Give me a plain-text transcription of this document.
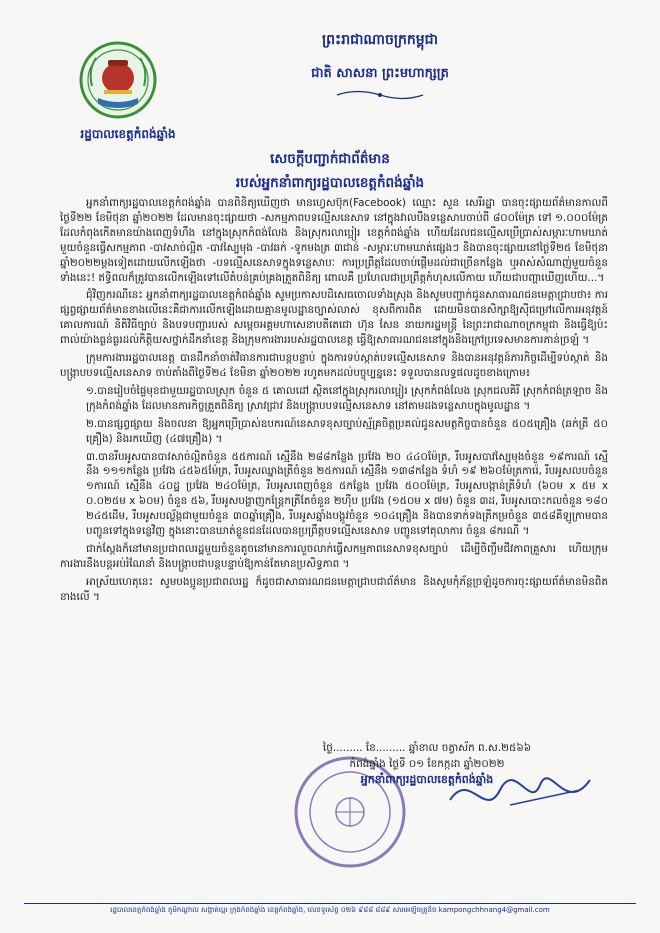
ព្រះរាជាណាចក្រកម្ពុជា
ជាតិ សាសនា ព្រះមហាក្សត្រ
រដ្ឋបាលខេត្តកំពង់ឆ្នាំង
សេចក្តីបញ្ជាក់ជាព័ត៌មាន
របស់អ្នកនាំពាក្យរដ្ឋបាលខេត្តកំពង់ឆ្នាំង

អ្នកនាំពាក្យរដ្ឋបាលខេត្តកំពង់ឆ្នាំង បានពិនិត្យឃើញថា មានហ្វេសប៊ុក(Facebook) ឈ្មោះ សួន សេរីរដ្ឋា បានចុះផ្សាយព័ត៌មានកាលពីថ្ងៃទី២២ ខែមិថុនា ឆ្នាំ២០២២ ដែលមានចុះផ្សាយថា -សកម្មភាពបទល្មើសនេសាទ នៅក្នុងវាលបឹងទន្លេសាបចាប់ពី ៨០០ម៉ែត្រ ទៅ ១.០០០ម៉ែត្រ ដែលកំពុងកើតមានយ៉ាងពេញទំហឹង នៅក្នុងស្រុកកំពង់លែង និងស្រុករលាប្អៀរ ខេត្តកំពង់ឆ្នាំង ហើយដែលជនល្មើសប្រើប្រាស់សម្ភារៈហាមឃាត់មួយចំនួនធ្វើសកម្មភាព -បាវសាច់ល្អិត -បាវស្បៃមុង -បាវឆក់ -ទូកមងត្រ ៣ជាន់ -សម្ភារៈហាមឃាត់ផ្សេងៗ និងបានចុះផ្សាយនៅថ្ងៃទី២៥ ខែមិថុនា ឆ្នាំ២០២២ម្តងទៀតដោយលើកឡើងថា -បទល្មើសនេសាទក្នុងទន្លេសាបៈ ការប្រព្រឹត្តដែលចាប់ផ្តើមដល់ជាច្រើនកន្លែង ឬអាស់សំណាញ់មួយចំនួនទាំងនេះ! ឥទ្ធិពលក៏ត្រូវបានលើកឡើងទៅលើតំបន់គ្រប់គ្រងត្រួតពិនិត្យ ពោលគឺ ប្រហែលជាប្រព្រឹត្តកំហុសលើកាយ ហើយជាបញ្ហាឃើញហើយ...។

ជុំវិញករណីនេះ អ្នកនាំពាក្យរដ្ឋបាលខេត្តកំពង់ឆ្នាំង សូមប្រកាសបដិសេធចោលទាំងស្រុង និងសូមបញ្ជាក់ជូនសាធារណជនមេត្តាជ្រាបថា៖ ការផ្សព្វផ្សាយព័ត៌មានខាងលើនេះគឺជាការលើកឡើងដោយគ្មានមូលដ្ឋានច្បាស់លាស់ ខុសពីការពិត ដោយមិនបានសិក្សាឱ្យស៊ីជម្រៅលើការអនុវត្តន៍ គោលការណ៍ និតិវិធីច្បាប់ និងបទបញ្ជារបស់ សម្តេចអគ្គមហាសេនាបតីតេជោ ហ៊ុន សែន នាយករដ្ឋមន្ត្រី នៃព្រះរាជាណាចក្រកម្ពុជា និងធ្វើឱ្យប៉ះពាល់យ៉ាងធ្ងន់ធ្ងរដល់កិត្តិយសថ្នាក់ដឹកនាំខេត្ត និងក្រុមការងាររបស់រដ្ឋបាលខេត្ត ធ្វើឱ្យសាធារណជននៅក្នុងនិងក្រៅប្រទេសមានការភាន់ច្រឡំ ។

ក្រុមការងាររដ្ឋបាលខេត្ត បានដឹកនាំចាត់វិធានការជាបន្តបន្ទាប់ ក្នុងការទប់ស្កាត់បទល្មើសនេសាទ និងបានអនុវត្តន៍ភារកិច្ចដើម្បីទប់ស្កាត់ និងបង្ក្រាបបទល្មើសនេសាទ ចាប់តាំងពីថ្ងៃទី២៤ ខែមិនា ឆ្នាំ២០២២ រហូតមកដល់បច្ចុប្បន្ននេះ ទទួលបានលទ្ធផលដូចខាងក្រោម៖

១.បានរៀបចំផ្ទៃមុខជាមួយរដ្ឋបាលស្រុក ចំនួន ៥ គោលដៅ ស្ថិតនៅក្នុងស្រុករលាប្អៀរ ស្រុកកំពង់លែង ស្រុកជលគិរី ស្រុកកំពង់ត្រឡាច និងក្រុងកំពង់ឆ្នាំង ដែលមានភារកិច្ចត្រួតពិនិត្យ ស្រាវជ្រាវ និងបង្ក្រាបបទល្មើសនេសាទ នៅតាមដងទន្លេសាបក្នុងមូលដ្ឋាន ។

២.បានផ្សព្វផ្សាយ និងចលនា ឱ្យអ្នកប្រើប្រាស់ឧបករណ៍នេសាទខុសច្បាប់ស្ម័គ្រចិត្តប្រគល់ជូនសមត្ថកិច្ចបានចំនួន ៥០៥គ្រឿង (ឆក់ត្រី ៥០ គ្រឿង) និងរកឃើញ (៤៧គ្រឿង) ។

៣.បានរឹបអូសបានបាវសាច់ល្អិតចំនួន ៥៥ការណ៍ ស្មើនឹង ២៨៨កន្លែង ប្រវែង ២០ ៤៤០ម៉ែត្រ, រឹបអូសបាវស្បៃមុងចំនួន ១៩ការណ៍ ស្មើនឹង ១១១កន្លែង ប្រវែង ៤៥៦៥ម៉ែត្រ, រឹបអូសឈ្នាងត្រីចំនួន ២៥ការណ៍ ស្មើនឹង ១៣៨កន្លែង ទំហំ ១៩ ២៦០ម៉ែត្រការ៉េ, រឹបអូសលបចំនួន ១ការណ៍ ស្មើនឹង ៤០ដ្ឋ ប្រវែង ២៤០ម៉ែត្រ, រឹបអូសពេញចំនួន ៥កន្លែង ប្រវែង ៥០០ម៉ែត្រ, រឹបអូសបង្កាន់ត្រីទំហំ (៦០ម x ៥ម x ០.០២៥ម x ៦០ម) ចំនួន ៥៦, រឹបអូសបង្ហាញកន្ត្រែកត្រីតែចំនួន ២ហ៊ីប ប្រវែង (១៥០ម x ៧ម) ចំនួន ៣ដ, រឹបអូសបោះកលចំនួន ១៨០ ២៤៥ដើម, រឹបអូសបល្ល័ង្កជាមួយចំនួន ៣០ឆ្នាំគ្រឿង, រឹបអូសឆ្នាំងបង្គូវចំនួន ១០៤គ្រឿង និងបានទាក់ទងត្រីកម្រចំនួន ៣៥៨គីឡូក្រាមបានបញ្ជូនទៅក្នុងទន្លេវិញ ក្នុងនោះបានឃាត់ខ្លួនជនដែលបានប្រព្រឹត្តបទល្មើសនេសាទ បញ្ជូនទៅតុលាការ ចំនួន ៨ករណី ។

ជាក់ស្តែងក៏នៅមានប្រជាពលរដ្ឋមួយចំនួនតូចនៅមានការលួចលាក់ធ្វើសកម្មភាពនេសាទខុសច្បាប់ ដើម្បីចិញ្ចឹមជីវភាពគ្រួសារ ហើយក្រុមការងារនឹងបន្តអប់រំណែនាំ និងបង្ក្រាបជាបន្តបន្ទាប់ឱ្យកាន់តែមានប្រសិទ្ធភាព ។

អាស្រ័យហេតុនេះ សូមបងប្អូនប្រជាពលរដ្ឋ ក៏ដូចជាសាធារណជនមេត្តាជ្រាបជាព័ត៌មាន និងសូមកុំភ័ន្តច្រឡំដូចការចុះផ្សាយព័ត៌មានមិនពិតខាងលើ ។

ថ្ងៃ......... ខែ......... ឆ្នាំខាល ចត្វាស័ក ព.ស.២៥៦៦
កំពង់ឆ្នាំង ថ្ងៃទី ០១ ខែកក្កដា ឆ្នាំ២០២២
អ្នកនាំពាក្យរដ្ឋបាលខេត្តកំពង់ឆ្នាំង
រដ្ឋបាលខេត្តកំពង់ឆ្នាំង ភូមិកណ្តាល សង្កាត់ប្អេរ ក្រុងកំពង់ឆ្នាំង ខេត្តកំពង់ឆ្នាំង, លេខទូរស័ព្ទ ០២៦ ៩៨៨ ៨៨៩ សារអេឡិចត្រូនិច kampongchhnang4@gmail.com
